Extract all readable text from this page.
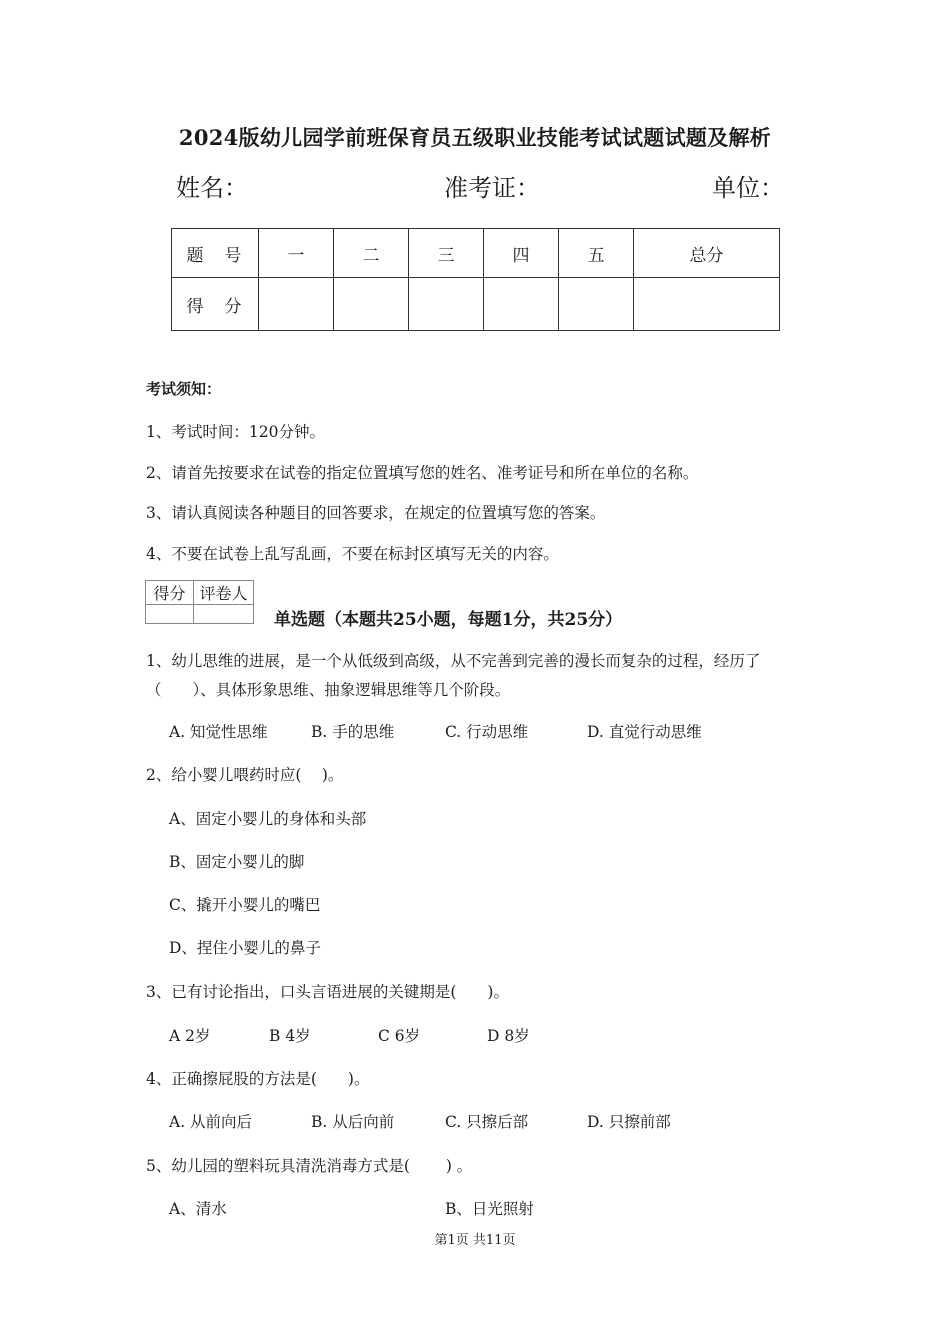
2024版幼儿园学前班保育员五级职业技能考试试题试题及解析
姓名：	准考证：	单位：
题　号	一	二	三	四	五	总分
得　分						
考试须知：
1、考试时间：120分钟。
2、请首先按要求在试卷的指定位置填写您的姓名、准考证号和所在单位的名称。
3、请认真阅读各种题目的回答要求，在规定的位置填写您的答案。
4、不要在试卷上乱写乱画，不要在标封区填写无关的内容。
得分	评卷人

单选题（本题共25小题，每题1分，共25分）
1、幼儿思维的进展，是一个从低级到高级，从不完善到完善的漫长而复杂的过程，经历了
（　　）、具体形象思维、抽象逻辑思维等几个阶段。
A. 知觉性思维	B. 手的思维	C. 行动思维	D. 直觉行动思维
2、给小婴儿喂药时应(　 )。
A、固定小婴儿的身体和头部
B、固定小婴儿的脚
C、撬开小婴儿的嘴巴
D、捏住小婴儿的鼻子
3、已有讨论指出，口头言语进展的关键期是(　　)。
A 2岁	B 4岁	C 6岁	D 8岁
4、正确擦屁股的方法是(　　)。
A. 从前向后	B. 从后向前	C. 只擦后部	D. 只擦前部
5、幼儿园的塑料玩具清洗消毒方式是(　　 ) 。
A、清水	B、日光照射
第1页 共11页
